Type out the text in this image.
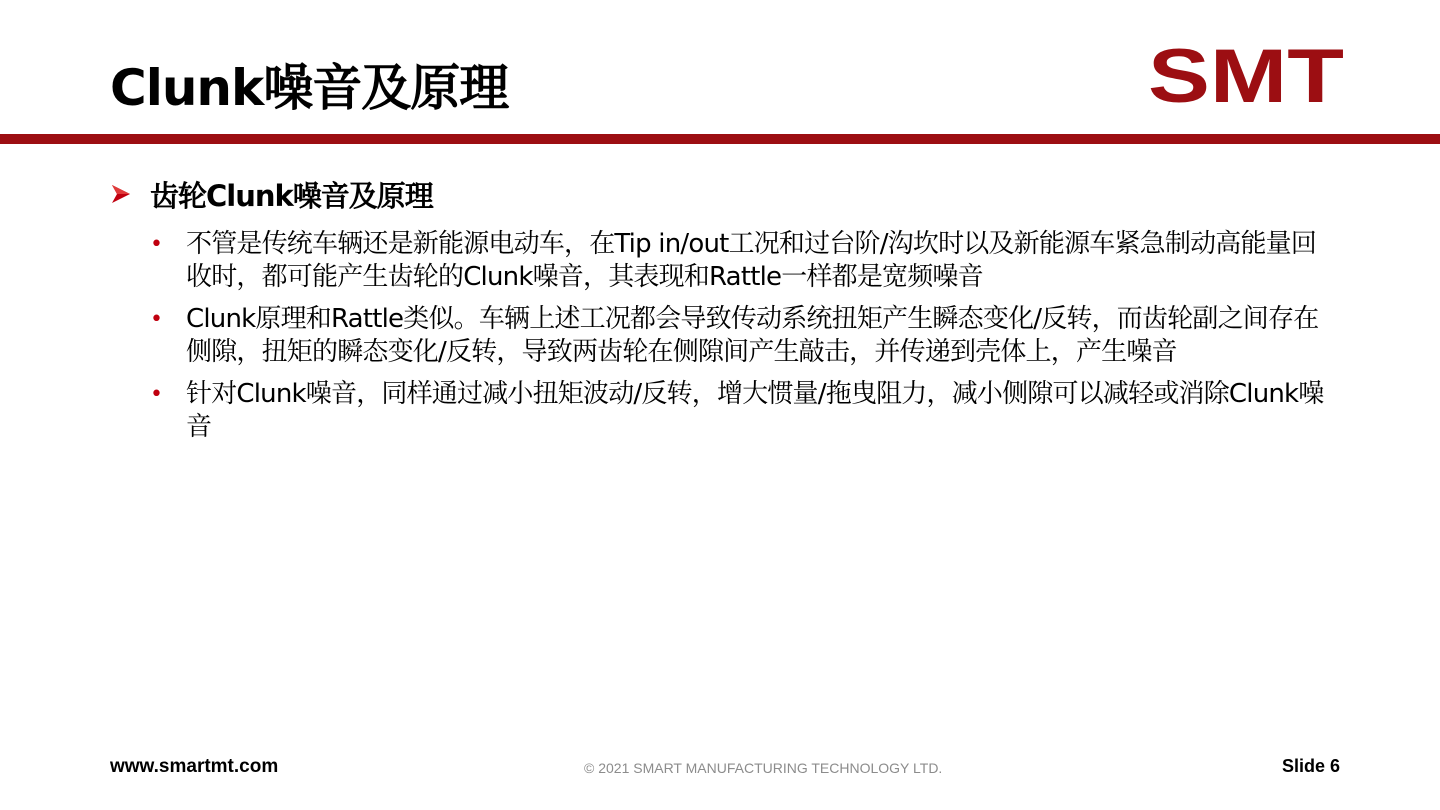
Clunk噪音及原理	SMT
齿轮Clunk噪音及原理
• 不管是传统车辆还是新能源电动车，在Tip in/out工况和过台阶/沟坎时以及新能源车紧急制动高能量回收时，都可能产生齿轮的Clunk噪音，其表现和Rattle一样都是宽频噪音
• Clunk原理和Rattle类似。车辆上述工况都会导致传动系统扭矩产生瞬态变化/反转，而齿轮副之间存在侧隙，扭矩的瞬态变化/反转，导致两齿轮在侧隙间产生敲击，并传递到壳体上，产生噪音
• 针对Clunk噪音，同样通过减小扭矩波动/反转，增大惯量/拖曳阻力，减小侧隙可以减轻或消除Clunk噪音
www.smartmt.com	© 2021 SMART MANUFACTURING TECHNOLOGY LTD.	Slide 6
